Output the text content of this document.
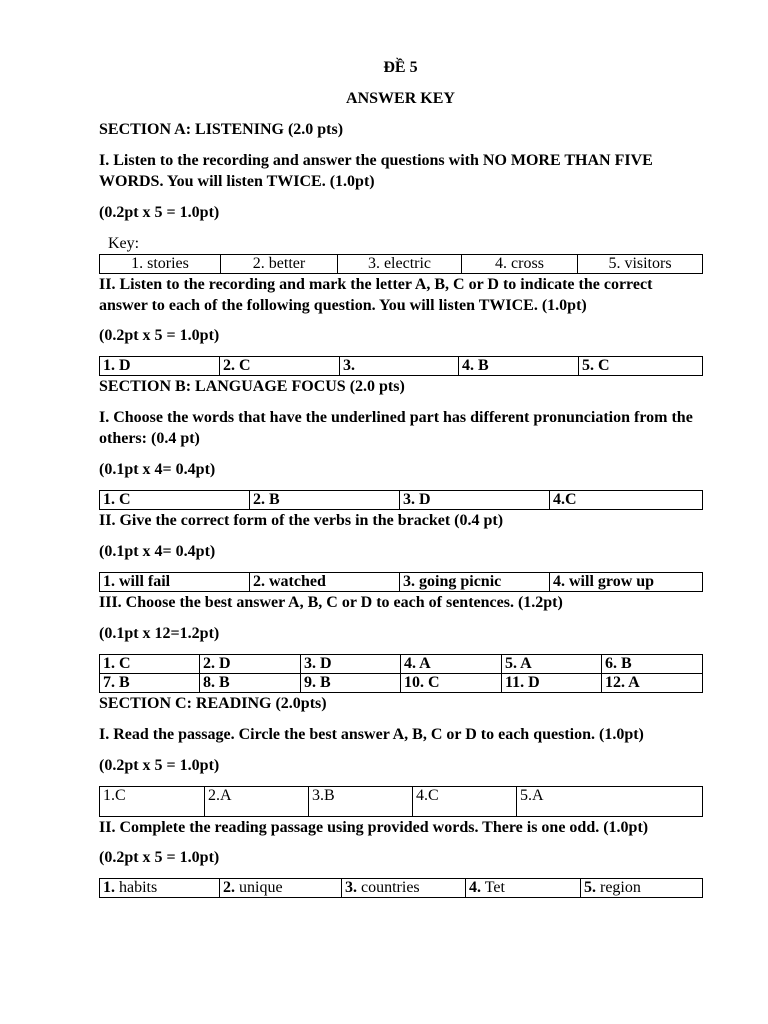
ĐỀ 5

ANSWER KEY

SECTION A: LISTENING (2.0 pts)

I. Listen to the recording and answer the questions with NO MORE THAN FIVE WORDS. You will listen TWICE. (1.0pt)

(0.2pt x 5 = 1.0pt)

Key:

1. stories	2. better	3. electric	4. cross	5. visitors

II. Listen to the recording and mark the letter A, B, C or D to indicate the correct answer to each of the following question. You will listen TWICE. (1.0pt)

(0.2pt x 5 = 1.0pt)

1. D	2. C	3.	4. B	5. C

SECTION B: LANGUAGE FOCUS (2.0 pts)

I. Choose the words that have the underlined part has different pronunciation from the others: (0.4 pt)

(0.1pt x 4= 0.4pt)

1. C	2. B	3. D	4.C

II. Give the correct form of the verbs in the bracket (0.4 pt)

(0.1pt x 4= 0.4pt)

1. will fail	2. watched	3. going picnic	4. will grow up

III. Choose the best answer A, B, C or D to each of sentences. (1.2pt)

(0.1pt x 12=1.2pt)

1. C	2. D	3. D	4. A	5. A	6. B
7. B	8. B	9. B	10. C	11. D	12. A

SECTION C: READING (2.0pts)

I. Read the passage. Circle the best answer A, B, C or D to each question. (1.0pt)

(0.2pt x 5 = 1.0pt)

1.C	2.A	3.B	4.C	5.A

II. Complete the reading passage using provided words. There is one odd. (1.0pt)

(0.2pt x 5 = 1.0pt)

1. habits	2. unique	3. countries	4. Tet	5. region
